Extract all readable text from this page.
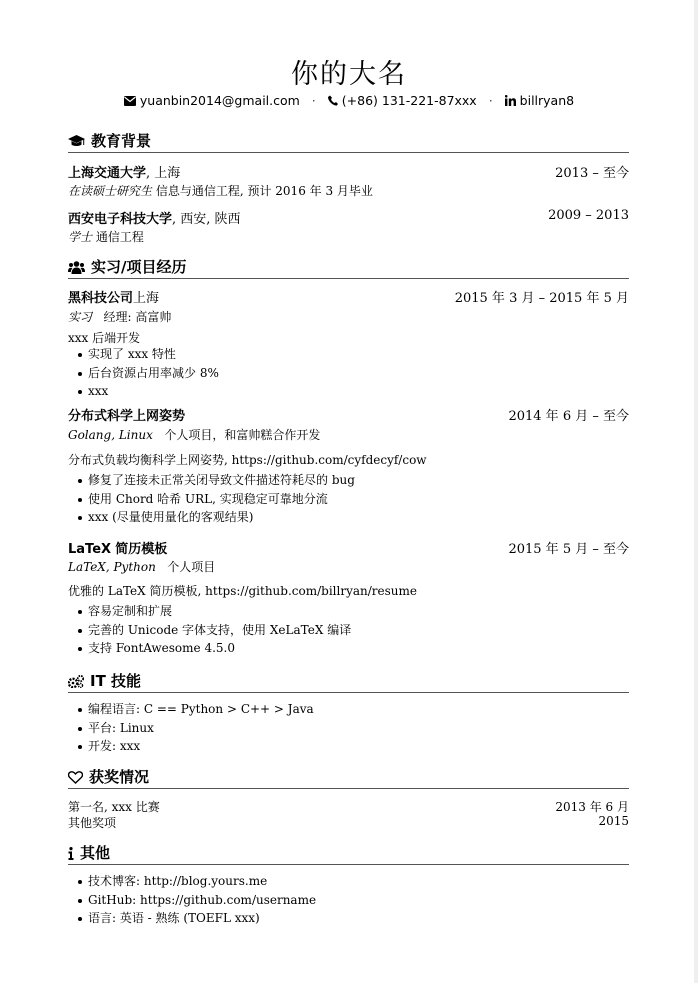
你的大名
yuanbin2014@gmail.com · (+86) 131-221-87xxx · billryan8
教育背景
上海交通大学, 上海	2013 – 至今
在读硕士研究生 信息与通信工程, 预计 2016 年 3 月毕业
西安电子科技大学, 西安, 陕西	2009 – 2013
学士 通信工程
实习/项目经历
黑科技公司上海	2015 年 3 月 – 2015 年 5 月
实习 经理: 高富帅
xxx 后端开发
实现了 xxx 特性
后台资源占用率减少 8%
xxx
分布式科学上网姿势	2014 年 6 月 – 至今
Golang, Linux 个人项目，和富帅糕合作开发
分布式负载均衡科学上网姿势, https://github.com/cyfdecyf/cow
修复了连接未正常关闭导致文件描述符耗尽的 bug
使用 Chord 哈希 URL, 实现稳定可靠地分流
xxx (尽量使用量化的客观结果)
LaTeX 简历模板	2015 年 5 月 – 至今
LaTeX, Python 个人项目
优雅的 LaTeX 简历模板, https://github.com/billryan/resume
容易定制和扩展
完善的 Unicode 字体支持，使用 XeLaTeX 编译
支持 FontAwesome 4.5.0
IT 技能
编程语言: C == Python > C++ > Java
平台: Linux
开发: xxx
获奖情况
第一名, xxx 比赛	2013 年 6 月
其他奖项	2015
其他
技术博客: http://blog.yours.me
GitHub: https://github.com/username
语言: 英语 - 熟练 (TOEFL xxx)
